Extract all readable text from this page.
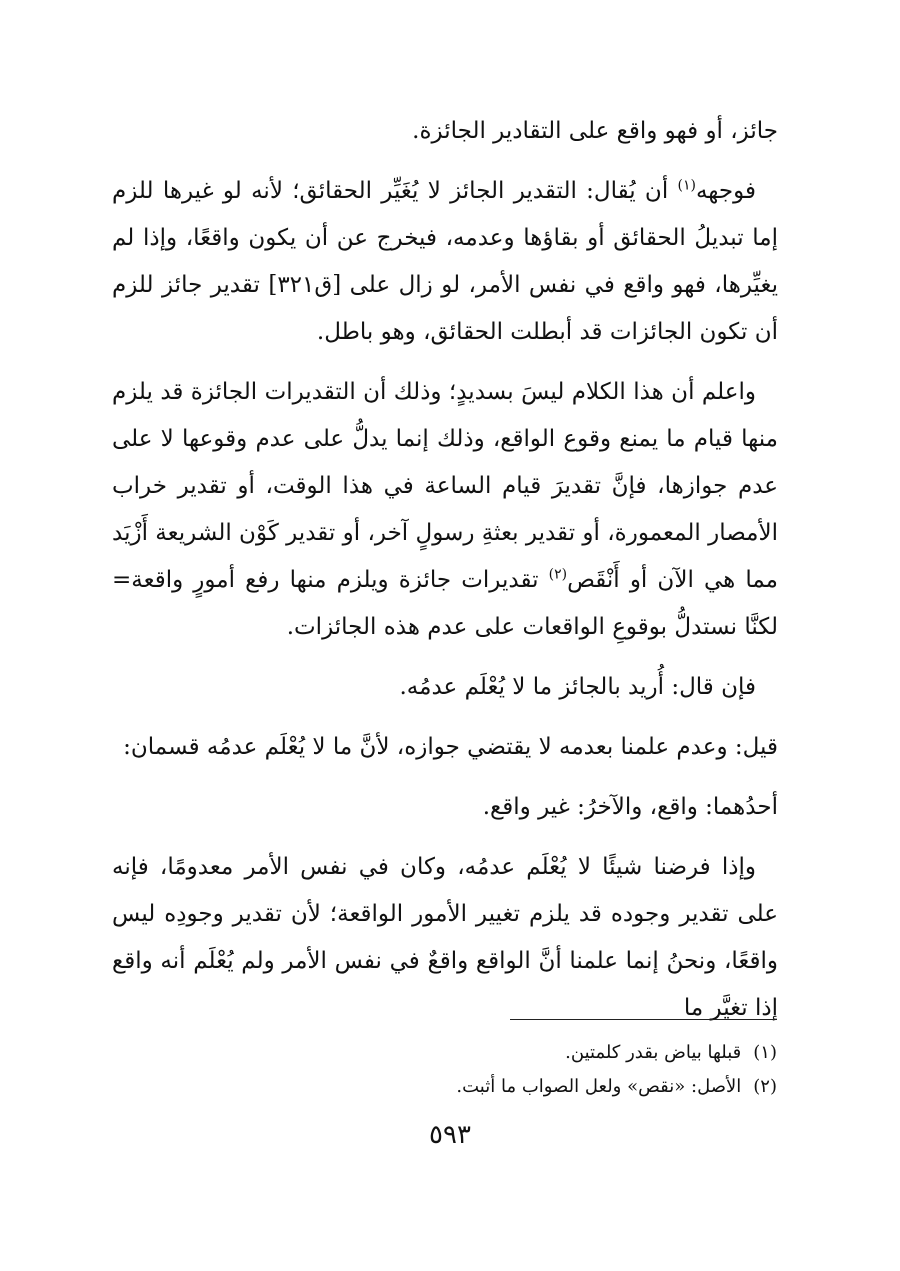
جائز، أو فهو واقع على التقادير الجائزة.

فوجهه$^{(١)}$ أن يُقال: التقدير الجائز لا يُغَيِّر الحقائق؛ لأنه لو غيرها للزم إما تبديلُ الحقائق أو بقاؤها وعدمه، فيخرج عن أن يكون واقعًا، وإذا لم يغيِّرها، فهو واقع في نفس الأمر، لو زال على [ق٣٢١] تقدير جائز للزم أن تكون الجائزات قد أبطلت الحقائق، وهو باطل.

واعلم أن هذا الكلام ليسَ بسديدٍ؛ وذلك أن التقديرات الجائزة قد يلزم منها قيام ما يمنع وقوع الواقع، وذلك إنما يدلُّ على عدم وقوعها لا على عدم جوازها، فإنَّ تقديرَ قيام الساعة في هذا الوقت، أو تقدير خراب الأمصار المعمورة، أو تقدير بعثةِ رسولٍ آخر، أو تقدير كَوْن الشريعة أَزْيَد مما هي الآن أو أَنْقَص$^{(٢)}$ تقديرات جائزة ويلزم منها رفع أمورٍ واقعة= لكنَّا نستدلُّ بوقوعِ الواقعات على عدم هذه الجائزات.

فإن قال: أُريد بالجائز ما لا يُعْلَم عدمُه.

قيل: وعدم علمنا بعدمه لا يقتضي جوازه، لأنَّ ما لا يُعْلَم عدمُه قسمان:

أحدُهما: واقع، والآخرُ: غير واقع.

وإذا فرضنا شيئًا لا يُعْلَم عدمُه، وكان في نفس الأمر معدومًا، فإنه على تقدير وجوده قد يلزم تغيير الأمور الواقعة؛ لأن تقدير وجودِه ليس واقعًا، ونحنُ إنما علمنا أنَّ الواقع واقعٌ في نفس الأمر ولم يُعْلَم أنه واقع إذا تغيَّر ما

(١)قبلها بياض بقدر كلمتين.
(٢)الأصل: «نقص» ولعل الصواب ما أثبت.
٥٩٣
